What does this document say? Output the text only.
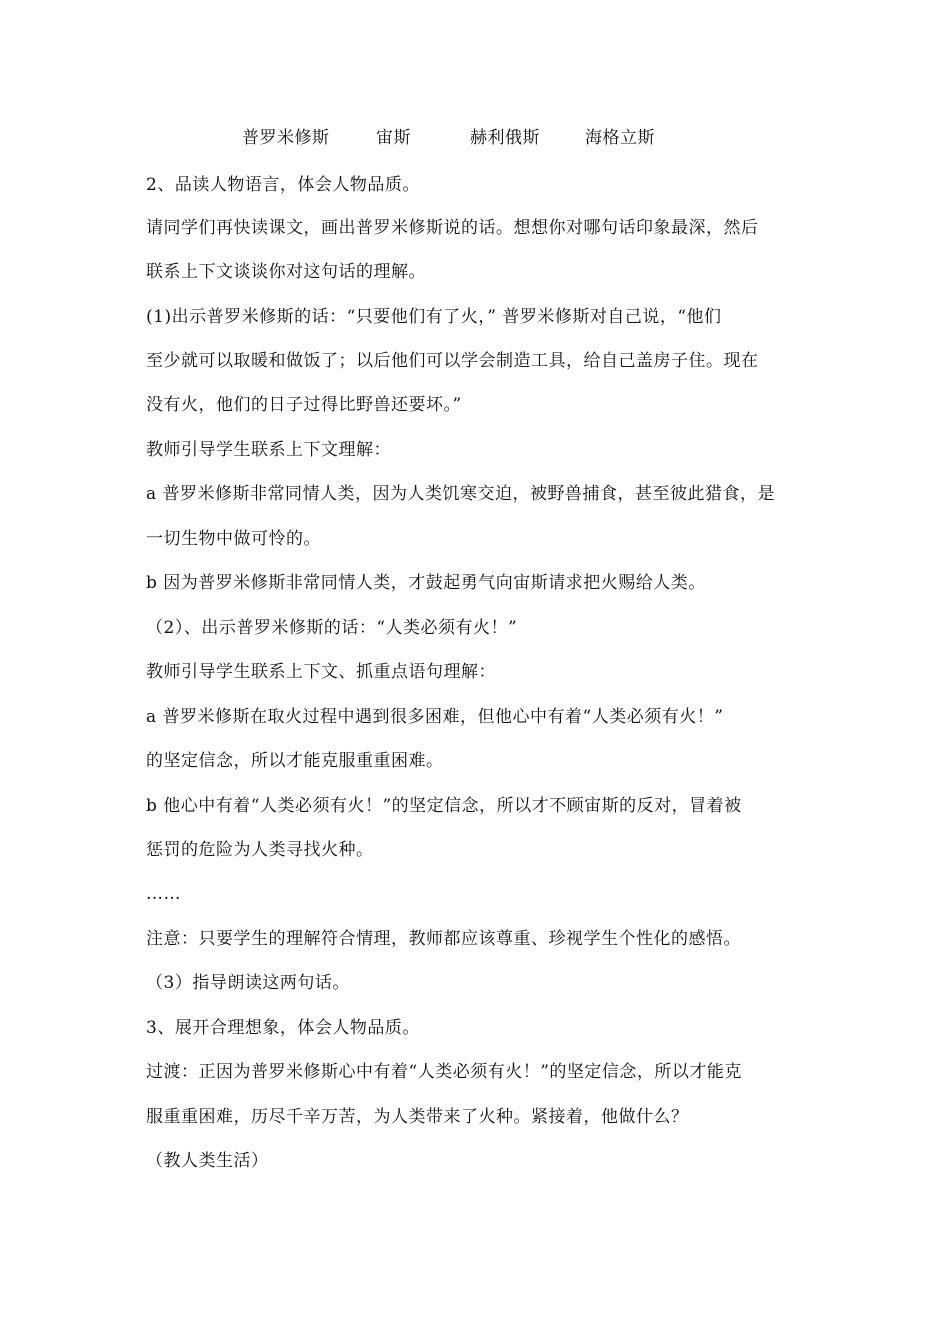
普罗米修斯	宙斯	赫利俄斯	海格立斯
2、品读人物语言，体会人物品质。
请同学们再快读课文，画出普罗米修斯说的话。想想你对哪句话印象最深，然后
联系上下文谈谈你对这句话的理解。
(1)出示普罗米修斯的话：“只要他们有了火，” 普罗米修斯对自己说，“他们
至少就可以取暖和做饭了；以后他们可以学会制造工具，给自己盖房子住。现在
没有火，他们的日子过得比野兽还要坏。”
教师引导学生联系上下文理解：
a 普罗米修斯非常同情人类，因为人类饥寒交迫，被野兽捕食，甚至彼此猎食，是
一切生物中做可怜的。
b 因为普罗米修斯非常同情人类，才鼓起勇气向宙斯请求把火赐给人类。
（2）、出示普罗米修斯的话：“人类必须有火！”
教师引导学生联系上下文、抓重点语句理解：
a 普罗米修斯在取火过程中遇到很多困难，但他心中有着“人类必须有火！”
的坚定信念，所以才能克服重重困难。
b 他心中有着“人类必须有火！”的坚定信念，所以才不顾宙斯的反对，冒着被
惩罚的危险为人类寻找火种。
……
注意：只要学生的理解符合情理，教师都应该尊重、珍视学生个性化的感悟。
（3）指导朗读这两句话。
3、展开合理想象，体会人物品质。
过渡：正因为普罗米修斯心中有着“人类必须有火！”的坚定信念，所以才能克
服重重困难，历尽千辛万苦，为人类带来了火种。紧接着，他做什么？
（教人类生活）
